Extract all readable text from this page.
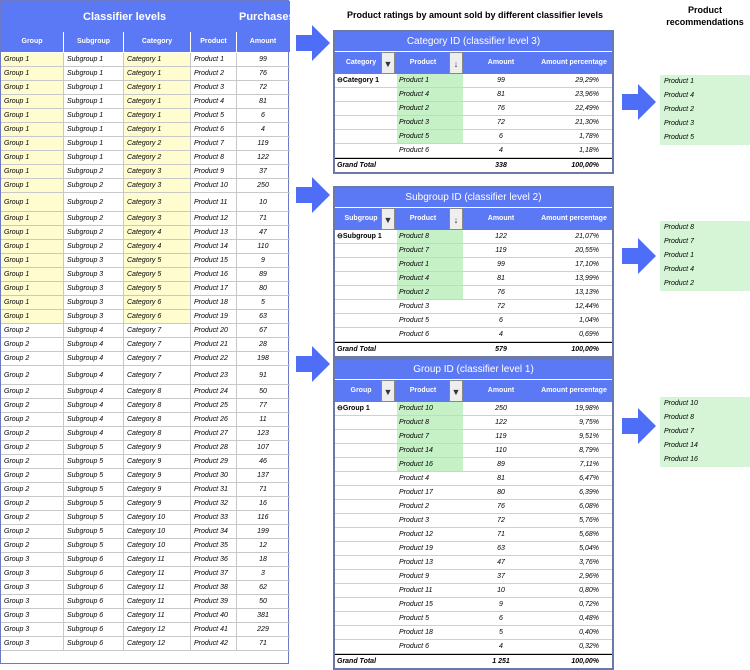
Classifier levels	Purchases
Group	Subgroup	Category	Product	Amount
Group 1	Subgroup 1	Category 1	Product 1	99
Group 1	Subgroup 1	Category 1	Product 2	76
Group 1	Subgroup 1	Category 1	Product 3	72
Group 1	Subgroup 1	Category 1	Product 4	81
Group 1	Subgroup 1	Category 1	Product 5	6
Group 1	Subgroup 1	Category 1	Product 6	4
Group 1	Subgroup 1	Category 2	Product 7	119
Group 1	Subgroup 1	Category 2	Product 8	122
Group 1	Subgroup 2	Category 3	Product 9	37
Group 1	Subgroup 2	Category 3	Product 10	250
Group 1	Subgroup 2	Category 3	Product 11	10
Group 1	Subgroup 2	Category 3	Product 12	71
Group 1	Subgroup 2	Category 4	Product 13	47
Group 1	Subgroup 2	Category 4	Product 14	110
Group 1	Subgroup 3	Category 5	Product 15	9
Group 1	Subgroup 3	Category 5	Product 16	89
Group 1	Subgroup 3	Category 5	Product 17	80
Group 1	Subgroup 3	Category 6	Product 18	5
Group 1	Subgroup 3	Category 6	Product 19	63
Group 2	Subgroup 4	Category 7	Product 20	67
Group 2	Subgroup 4	Category 7	Product 21	28
Group 2	Subgroup 4	Category 7	Product 22	198
Group 2	Subgroup 4	Category 7	Product 23	91
Group 2	Subgroup 4	Category 8	Product 24	50
Group 2	Subgroup 4	Category 8	Product 25	77
Group 2	Subgroup 4	Category 8	Product 26	11
Group 2	Subgroup 4	Category 8	Product 27	123
Group 2	Subgroup 5	Category 9	Product 28	107
Group 2	Subgroup 5	Category 9	Product 29	46
Group 2	Subgroup 5	Category 9	Product 30	137
Group 2	Subgroup 5	Category 9	Product 31	71
Group 2	Subgroup 5	Category 9	Product 32	16
Group 2	Subgroup 5	Category 10	Product 33	116
Group 2	Subgroup 5	Category 10	Product 34	199
Group 2	Subgroup 5	Category 10	Product 35	12
Group 3	Subgroup 6	Category 11	Product 36	18
Group 3	Subgroup 6	Category 11	Product 37	3
Group 3	Subgroup 6	Category 11	Product 38	62
Group 3	Subgroup 6	Category 11	Product 39	50
Group 3	Subgroup 6	Category 11	Product 40	381
Group 3	Subgroup 6	Category 12	Product 41	229
Group 3	Subgroup 6	Category 12	Product 42	71
Product ratings by amount sold by different classifier levels	Product recommendations
Category ID (classifier level 3)
Category ▼	Product	↓	Amount	Amount percentage
⊖Category 1	Product 1	99	29,29%
Product 4	81	23,96%
Product 2	76	22,49%
Product 3	72	21,30%
Product 5	6	1,78%
Product 6	4	1,18%
Grand Total	338	100,00%
Subgroup ID (classifier level 2)
Subgroup ▼	Product	↓	Amount	Amount percentage
⊖Subgroup 1	Product 8	122	21,07%
Product 7	119	20,55%
Product 1	99	17,10%
Product 4	81	13,99%
Product 2	76	13,13%
Product 3	72	12,44%
Product 5	6	1,04%
Product 6	4	0,69%
Grand Total	579	100,00%
Group ID (classifier level 1)
Group	▼	Product	▼	Amount	Amount percentage
⊖Group 1	Product 10	250	19,98%
Product 8	122	9,75%
Product 7	119	9,51%
Product 14	110	8,79%
Product 16	89	7,11%
Product 4	81	6,47%
Product 17	80	6,39%
Product 2	76	6,08%
Product 3	72	5,76%
Product 12	71	5,68%
Product 19	63	5,04%
Product 13	47	3,76%
Product 9	37	2,96%
Product 11	10	0,80%
Product 15	9	0,72%
Product 5	6	0,48%
Product 18	5	0,40%
Product 6	4	0,32%
Grand Total	1 251	100,00%
Product 1
Product 4
Product 2
Product 3
Product 5
Product 8
Product 7
Product 1
Product 4
Product 2
Product 10
Product 8
Product 7
Product 14
Product 16
